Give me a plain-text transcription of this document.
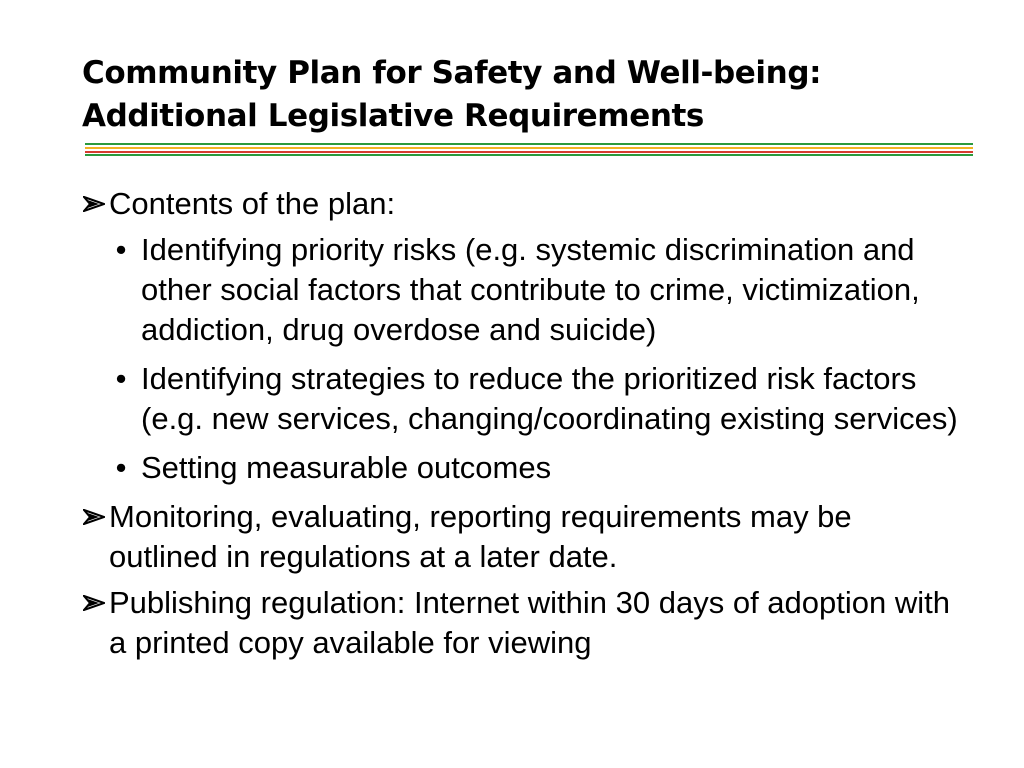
Community Plan for Safety and Well-being:
Additional Legislative Requirements
Contents of the plan:
• Identifying priority risks (e.g. systemic discrimination and other social factors that contribute to crime, victimization, addiction, drug overdose and suicide)
• Identifying strategies to reduce the prioritized risk factors (e.g. new services, changing/coordinating existing services)
• Setting measurable outcomes
Monitoring, evaluating, reporting requirements may be outlined in regulations at a later date.
Publishing regulation: Internet within 30 days of adoption with a printed copy available for viewing
